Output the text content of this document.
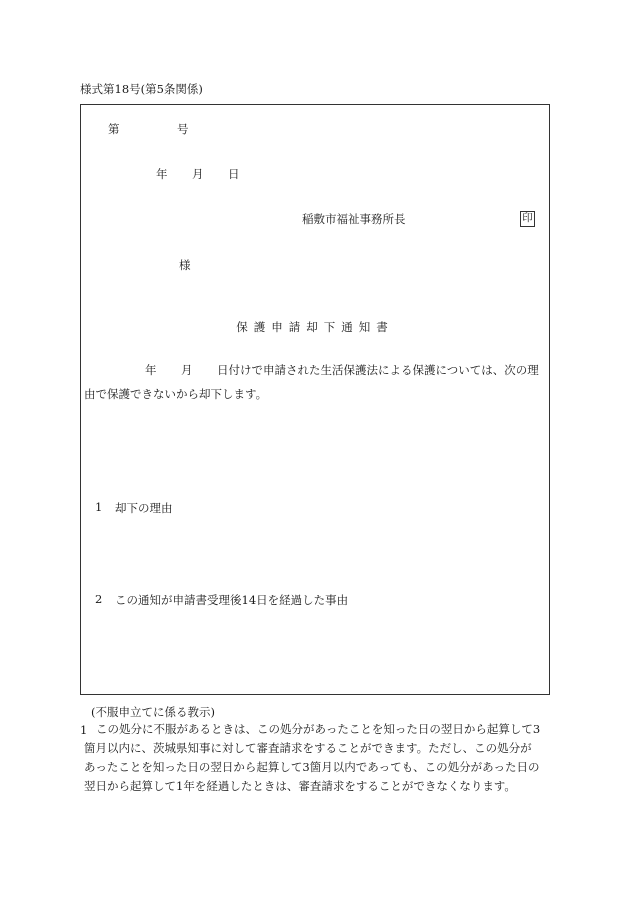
様式第18号(第5条関係)
第	号
年 月 日
稲敷市福祉事務所長	印
様
保護申請却下通知書
年 月 日付けで申請された生活保護法による保護については、次の理
由で保護できないから却下します。
1 却下の理由
2 この通知が申請書受理後14日を経過した事由
(不服申立てに係る教示)
1 この処分に不服があるときは、この処分があったことを知った日の翌日から起算して3
箇月以内に、茨城県知事に対して審査請求をすることができます。ただし、この処分が
あったことを知った日の翌日から起算して3箇月以内であっても、この処分があった日の
翌日から起算して1年を経過したときは、審査請求をすることができなくなります。
